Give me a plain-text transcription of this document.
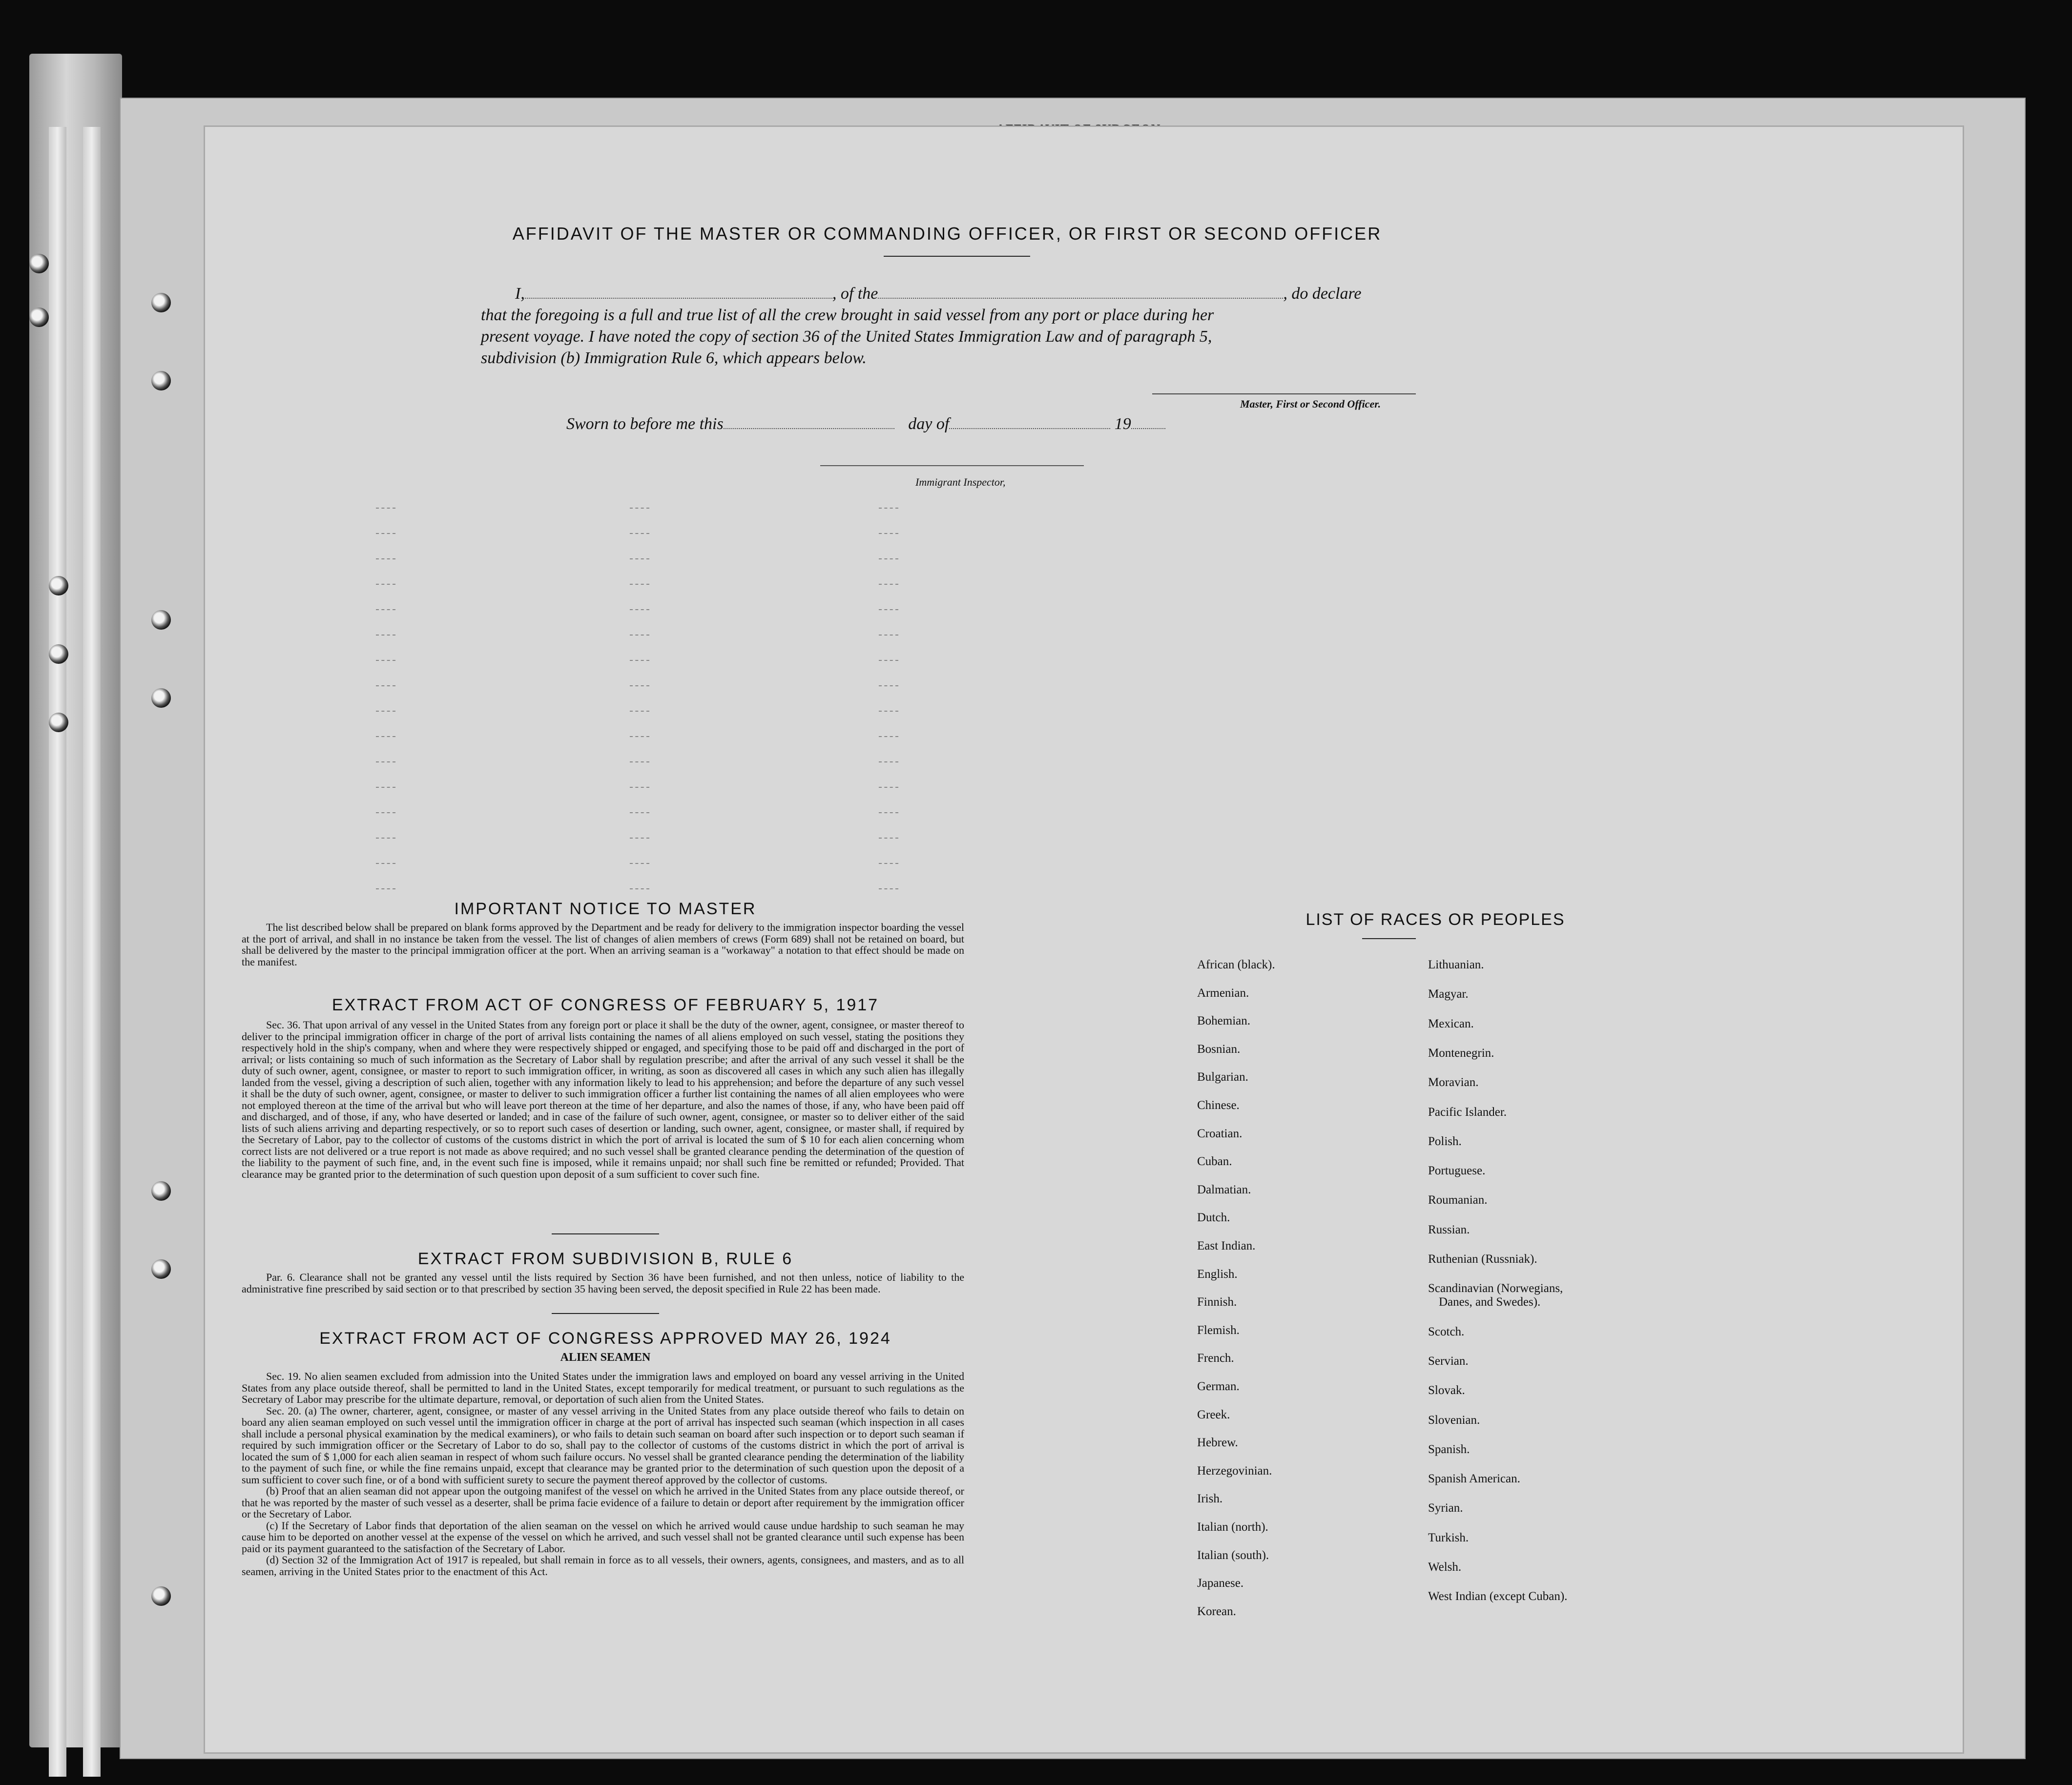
AFFIDAVIT OF THE MASTER OR COMMANDING OFFICER, OR FIRST OR SECOND OFFICER
I,	, of the	, do declare
that the foregoing is a full and true list of all the crew brought in said vessel from any port or place during her
present voyage. I have noted the copy of section 36 of the United States Immigration Law and of paragraph 5,
subdivision (b) Immigration Rule 6, which appears below.
Master, First or Second Officer.
Sworn to before me this	day of	19
Immigrant Inspector,
IMPORTANT NOTICE TO MASTER

The list described below shall be prepared on blank forms approved by the Department and be ready for delivery to the immigration inspector boarding the vessel at the port of arrival, and shall in no instance be taken from the vessel. The list of changes of alien members of crews (Form 689) shall not be retained on board, but shall be delivered by the master to the principal immigration officer at the port. When an arriving seaman is a "workaway" a notation to that effect should be made on the manifest.

EXTRACT FROM ACT OF CONGRESS OF FEBRUARY 5, 1917

Sec. 36. That upon arrival of any vessel in the United States from any foreign port or place it shall be the duty of the owner, agent, consignee, or master thereof to deliver to the principal immigration officer in charge of the port of arrival lists containing the names of all aliens employed on such vessel, stating the positions they respectively hold in the ship's company, when and where they were respectively shipped or engaged, and specifying those to be paid off and discharged in the port of arrival; or lists containing so much of such information as the Secretary of Labor shall by regulation prescribe; and after the arrival of any such vessel it shall be the duty of such owner, agent, consignee, or master to report to such immigration officer, in writing, as soon as discovered all cases in which any such alien has illegally landed from the vessel, giving a description of such alien, together with any information likely to lead to his apprehension; and before the departure of any such vessel it shall be the duty of such owner, agent, consignee, or master to deliver to such immigration officer a further list containing the names of all alien employees who were not employed thereon at the time of the arrival but who will leave port thereon at the time of her departure, and also the names of those, if any, who have been paid off and discharged, and of those, if any, who have deserted or landed; and in case of the failure of such owner, agent, consignee, or master so to deliver either of the said lists of such aliens arriving and departing respectively, or so to report such cases of desertion or landing, such owner, agent, consignee, or master shall, if required by the Secretary of Labor, pay to the collector of customs of the customs district in which the port of arrival is located the sum of $ 10 for each alien concerning whom correct lists are not delivered or a true report is not made as above required; and no such vessel shall be granted clearance pending the determination of the question of the liability to the payment of such fine, and, in the event such fine is imposed, while it remains unpaid; nor shall such fine be remitted or refunded; Provided. That clearance may be granted prior to the determination of such question upon deposit of a sum sufficient to cover such fine.

EXTRACT FROM SUBDIVISION B, RULE 6

Par. 6. Clearance shall not be granted any vessel until the lists required by Section 36 have been furnished, and not then unless, notice of liability to the administrative fine prescribed by said section or to that prescribed by section 35 having been served, the deposit specified in Rule 22 has been made.

EXTRACT FROM ACT OF CONGRESS APPROVED MAY 26, 1924
ALIEN SEAMEN

Sec. 19. No alien seamen excluded from admission into the United States under the immigration laws and employed on board any vessel arriving in the United States from any place outside thereof, shall be permitted to land in the United States, except temporarily for medical treatment, or pursuant to such regulations as the Secretary of Labor may prescribe for the ultimate departure, removal, or deportation of such alien from the United States.

Sec. 20. (a) The owner, charterer, agent, consignee, or master of any vessel arriving in the United States from any place outside thereof who fails to detain on board any alien seaman employed on such vessel until the immigration officer in charge at the port of arrival has inspected such seaman (which inspection in all cases shall include a personal physical examination by the medical examiners), or who fails to detain such seaman on board after such inspection or to deport such seaman if required by such immigration officer or the Secretary of Labor to do so, shall pay to the collector of customs of the customs district in which the port of arrival is located the sum of $ 1,000 for each alien seaman in respect of whom such failure occurs. No vessel shall be granted clearance pending the determination of the liability to the payment of such fine, or while the fine remains unpaid, except that clearance may be granted prior to the determination of such question upon the deposit of a sum sufficient to cover such fine, or of a bond with sufficient surety to secure the payment thereof approved by the collector of customs.

(b) Proof that an alien seaman did not appear upon the outgoing manifest of the vessel on which he arrived in the United States from any place outside thereof, or that he was reported by the master of such vessel as a deserter, shall be prima facie evidence of a failure to detain or deport after requirement by the immigration officer or the Secretary of Labor.

(c) If the Secretary of Labor finds that deportation of the alien seaman on the vessel on which he arrived would cause undue hardship to such seaman he may cause him to be deported on another vessel at the expense of the vessel on which he arrived, and such vessel shall not be granted clearance until such expense has been paid or its payment guaranteed to the satisfaction of the Secretary of Labor.

(d) Section 32 of the Immigration Act of 1917 is repealed, but shall remain in force as to all vessels, their owners, agents, consignees, and masters, and as to all seamen, arriving in the United States prior to the enactment of this Act.

LIST OF RACES OR PEOPLES
African (black).
Armenian.
Bohemian.
Bosnian.
Bulgarian.
Chinese.
Croatian.
Cuban.
Dalmatian.
Dutch.
East Indian.
English.
Finnish.
Flemish.
French.
German.
Greek.
Hebrew.
Herzegovinian.
Irish.
Italian (north).
Italian (south).
Japanese.
Korean.
Lithuanian.
Magyar.
Mexican.
Montenegrin.
Moravian.
Pacific Islander.
Polish.
Portuguese.
Roumanian.
Russian.
Ruthenian (Russniak).
Scandinavian (Norwegians,
Danes, and Swedes).
Scotch.
Servian.
Slovak.
Slovenian.
Spanish.
Spanish American.
Syrian.
Turkish.
Welsh.
West Indian (except Cuban).
